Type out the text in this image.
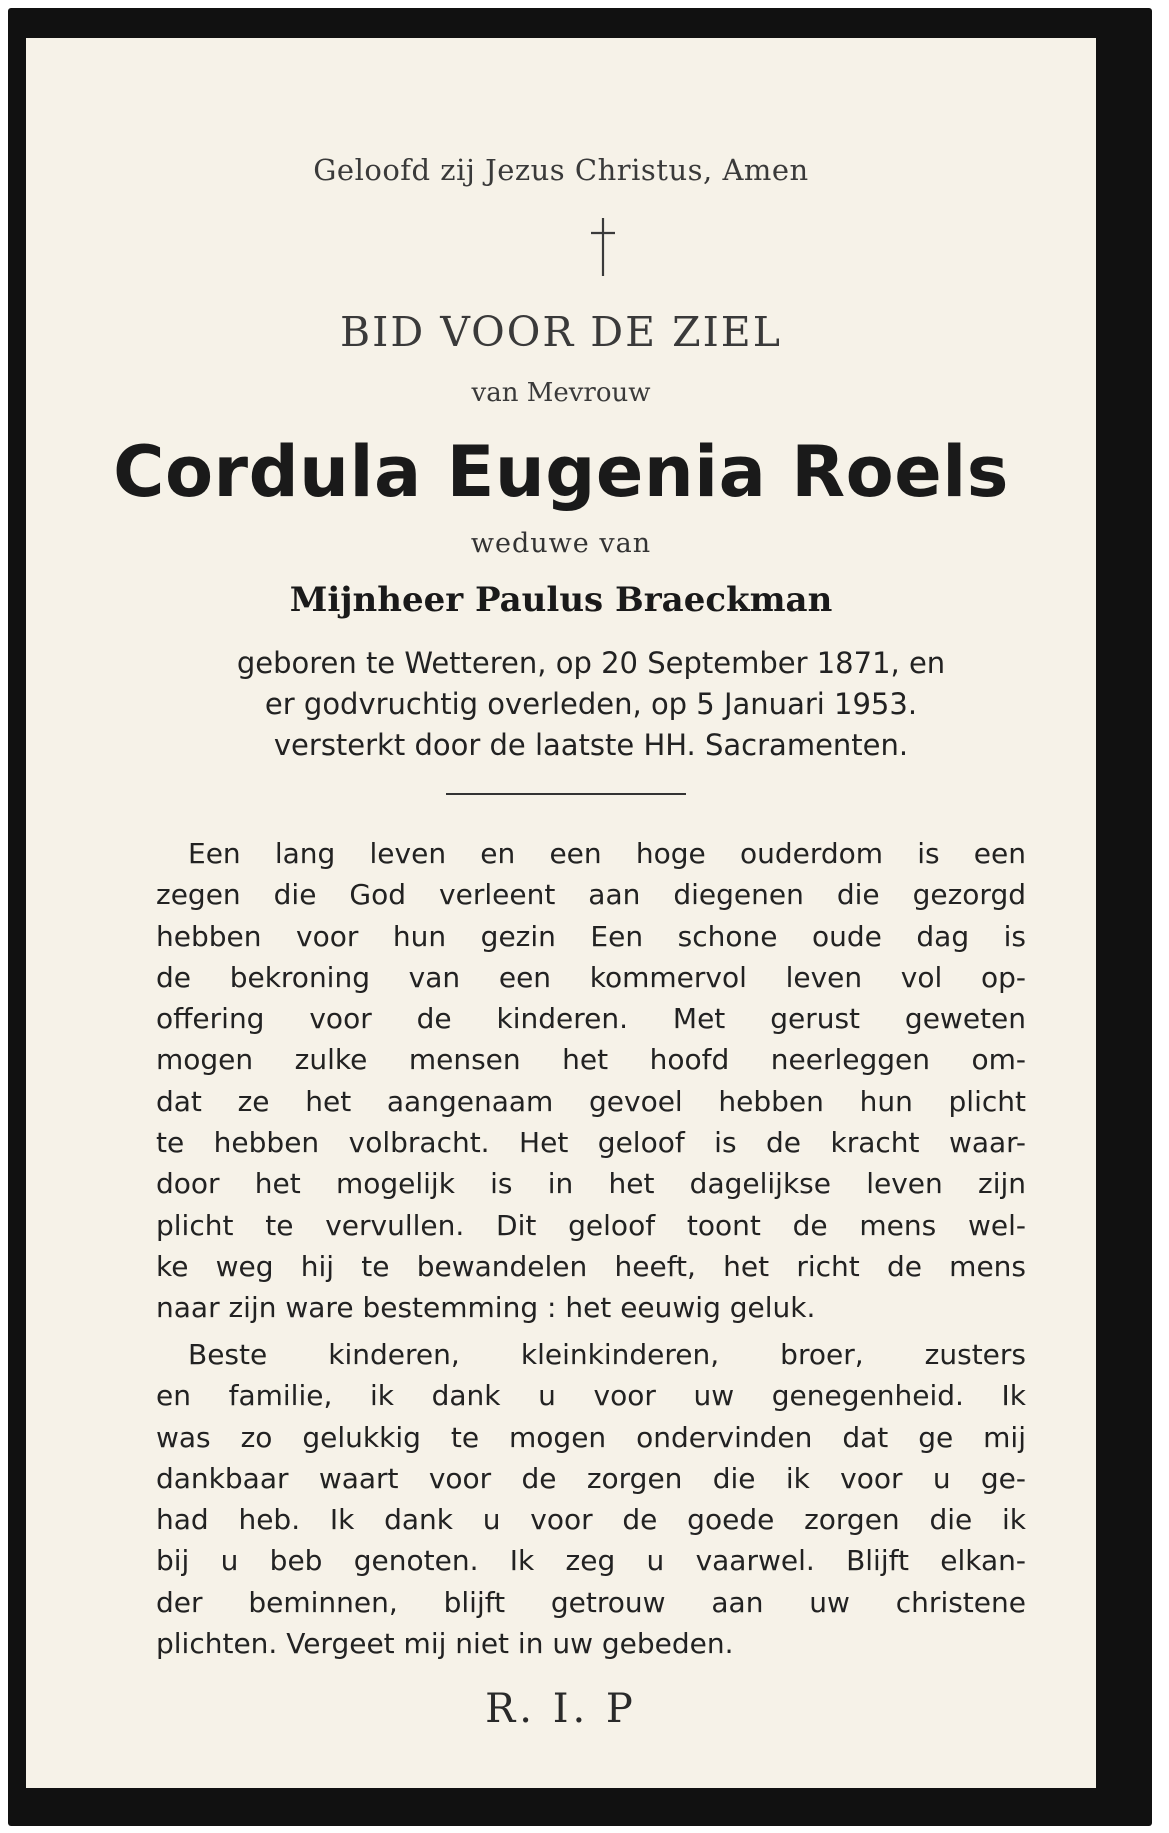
Geloofd zij Jezus Christus, Amen
BID VOOR DE ZIEL
van Mevrouw
Cordula Eugenia Roels
weduwe van
Mijnheer Paulus Braeckman
geboren te Wetteren, op 20 September 1871, en
er godvruchtig overleden, op 5 Januari 1953.
versterkt door de laatste HH. Sacramenten.
Een lang leven en een hoge ouderdom is een
zegen die God verleent aan diegenen die gezorgd
hebben voor hun gezin Een schone oude dag is
de bekroning van een kommervol leven vol op-
offering voor de kinderen. Met gerust geweten
mogen zulke mensen het hoofd neerleggen om-
dat ze het aangenaam gevoel hebben hun plicht
te hebben volbracht. Het geloof is de kracht waar-
door het mogelijk is in het dagelijkse leven zijn
plicht te vervullen. Dit geloof toont de mens wel-
ke weg hij te bewandelen heeft, het richt de mens
naar zijn ware bestemming : het eeuwig geluk.
Beste kinderen, kleinkinderen, broer, zusters
en familie, ik dank u voor uw genegenheid. Ik
was zo gelukkig te mogen ondervinden dat ge mij
dankbaar waart voor de zorgen die ik voor u ge-
had heb. Ik dank u voor de goede zorgen die ik
bij u beb genoten. Ik zeg u vaarwel. Blijft elkan-
der beminnen, blijft getrouw aan uw christene
plichten. Vergeet mij niet in uw gebeden.
R. I. P
